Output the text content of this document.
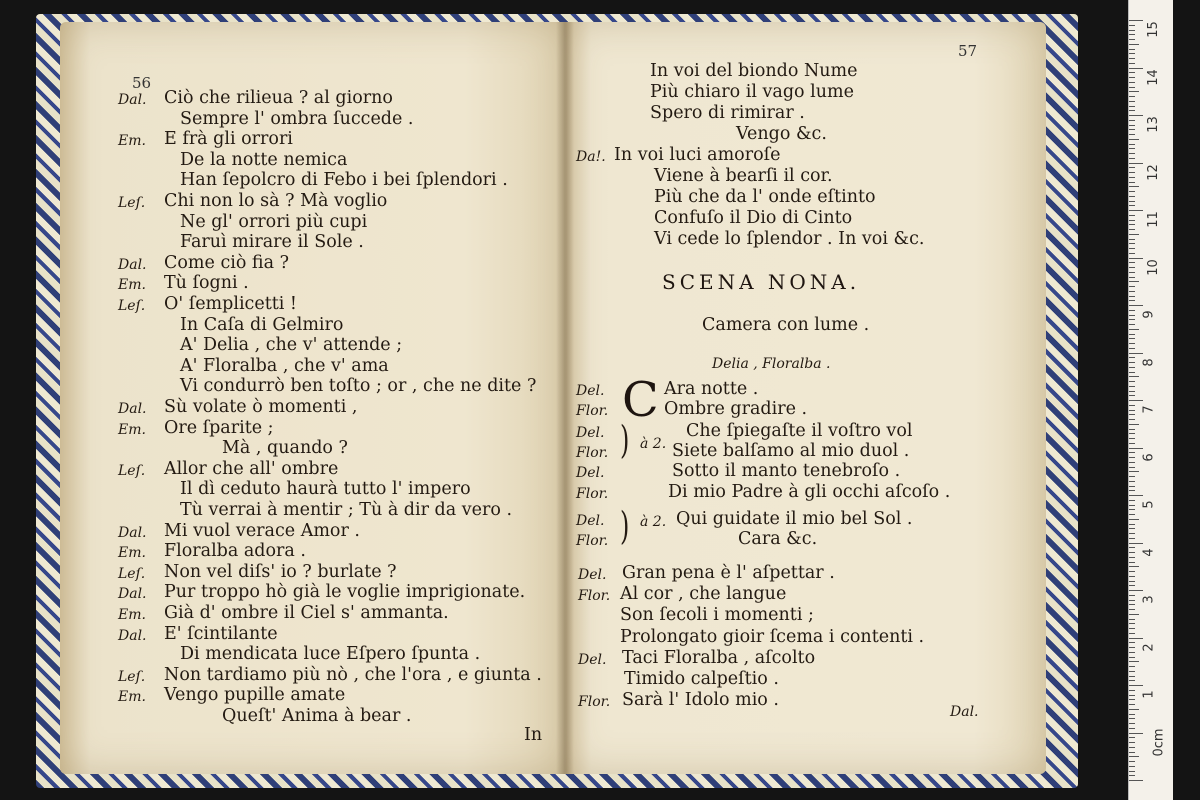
15
14
13
12
11
10
9
8
7
6
5
4
3
2
1
0cm
56
Dal. Ciò che rilieua ? al giorno
Sempre l' ombra ſuccede .
Em. E frà gli orrori
De la notte nemica
Han ſepolcro di Febo i bei ſplendori .
Leſ. Chi non lo sà ? Mà voglio
Ne gl' orrori più cupi
Faruì mirare il Sole .
Dal. Come ciò fia ?
Em. Tù ſogni .
Leſ. O' ſemplicetti !
In Caſa di Gelmiro
A' Delia , che v' attende ;
A' Floralba , che v' ama
Vi condurrò ben toſto ; or , che ne dite ?
Dal. Sù volate ò momenti ,
Em. Ore ſparite ;
Mà , quando ?
Leſ. Allor che all' ombre
Il dì ceduto haurà tutto l' impero
Tù verrai à mentir ; Tù à dir da vero .
Dal. Mi vuol verace Amor .
Em. Floralba adora .
Leſ. Non vel diſs' io ? burlate ?
Dal. Pur troppo hò già le voglie imprigionate.
Em. Già d' ombre il Ciel s' ammanta.
Dal. E' ſcintilante
Di mendicata luce Eſpero ſpunta .
Leſ. Non tardiamo più nò , che l'ora , e giunta .
Em. Vengo pupille amate
Queſt' Anima à bear .
In
57
In voi del biondo Nume
Più chiaro il vago lume
Spero di rimirar .
Vengo &c.
Da!. In voi luci amoroſe
Viene à bearſi il cor.
Più che da l' onde eſtinto
Confuſo il Dio di Cinto
Vi cede lo ſplendor . In voi &c.
SCENA NONA.
Camera con lume .
Delia , Floralba .
C
Del.	Ara notte .
Flor.	Ombre gradire .
Del.	Che ſpiegaſte il voſtro vol
Flor.	Siete balſamo al mio duol .
Del.	Sotto il manto tenebroſo .
Flor.	Di mio Padre à gli occhi aſcoſo .
Del.	Qui guidate il mio bel Sol .
Flor.	Cara &c.
) à 2.
) à 2.
Del. Gran pena è l' aſpettar .
Flor. Al cor , che langue
Son ſecoli i momenti ;
Prolongato gioir ſcema i contenti .
Del. Taci Floralba , aſcolto
Timido calpeſtio .
Flor. Sarà l' Idolo mio .
Dal.
